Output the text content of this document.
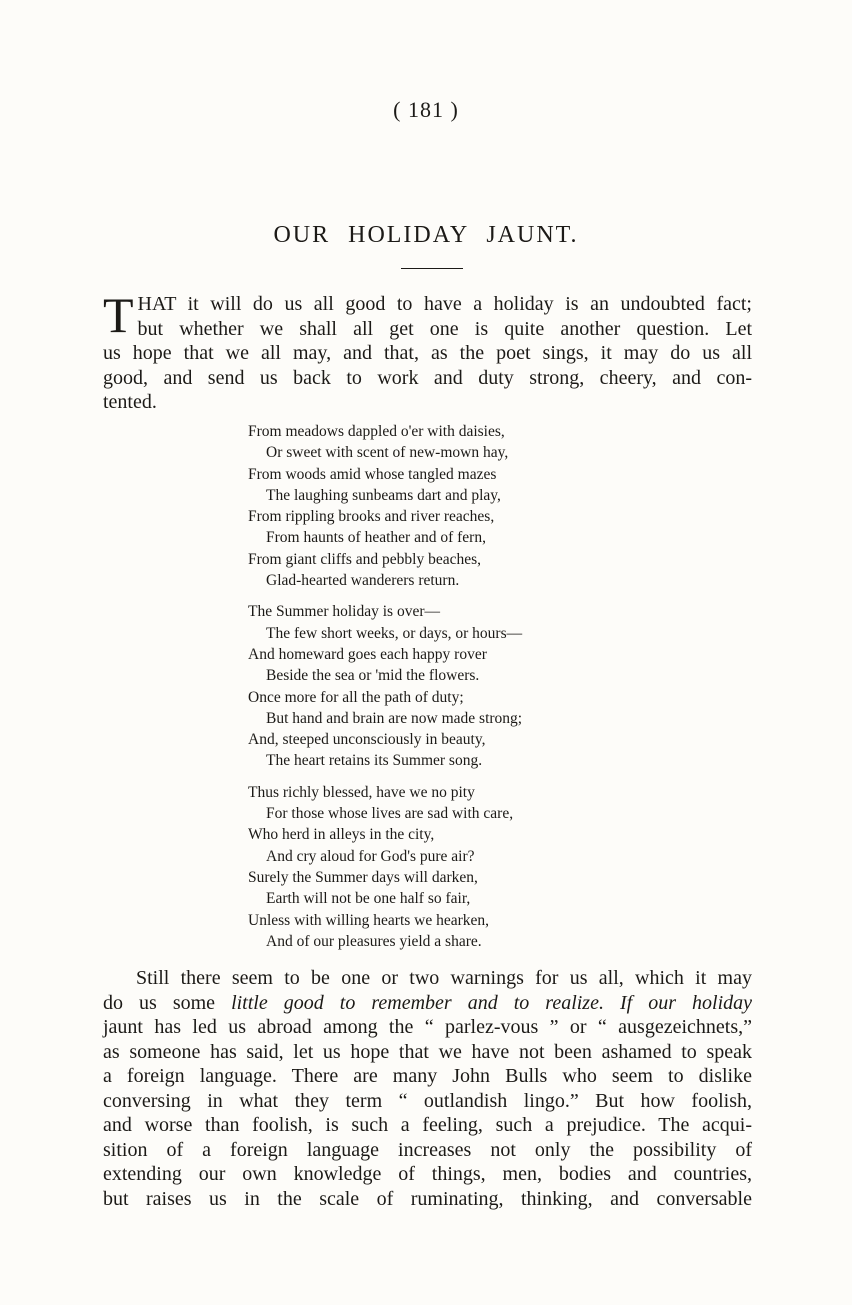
( 181 )
OUR HOLIDAY JAUNT.
T HAT it will do us all good to have a holiday is an undoubted fact;
but whether we shall all get one is quite another question. Let
us hope that we all may, and that, as the poet sings, it may do us all
good, and send us back to work and duty strong, cheery, and con-
tented.
From meadows dappled o'er with daisies,
Or sweet with scent of new-mown hay,
From woods amid whose tangled mazes
The laughing sunbeams dart and play,
From rippling brooks and river reaches,
From haunts of heather and of fern,
From giant cliffs and pebbly beaches,
Glad-hearted wanderers return.
The Summer holiday is over—
The few short weeks, or days, or hours—
And homeward goes each happy rover
Beside the sea or 'mid the flowers.
Once more for all the path of duty;
But hand and brain are now made strong;
And, steeped unconsciously in beauty,
The heart retains its Summer song.
Thus richly blessed, have we no pity
For those whose lives are sad with care,
Who herd in alleys in the city,
And cry aloud for God's pure air?
Surely the Summer days will darken,
Earth will not be one half so fair,
Unless with willing hearts we hearken,
And of our pleasures yield a share.
Still there seem to be one or two warnings for us all, which it may
do us some little good to remember and to realize. If our holiday
jaunt has led us abroad among the “ parlez-vous ” or “ ausgezeichnets,”
as someone has said, let us hope that we have not been ashamed to speak
a foreign language. There are many John Bulls who seem to dislike
conversing in what they term “ outlandish lingo.” But how foolish,
and worse than foolish, is such a feeling, such a prejudice. The acqui-
sition of a foreign language increases not only the possibility of
extending our own knowledge of things, men, bodies and countries,
but raises us in the scale of ruminating, thinking, and conversable
